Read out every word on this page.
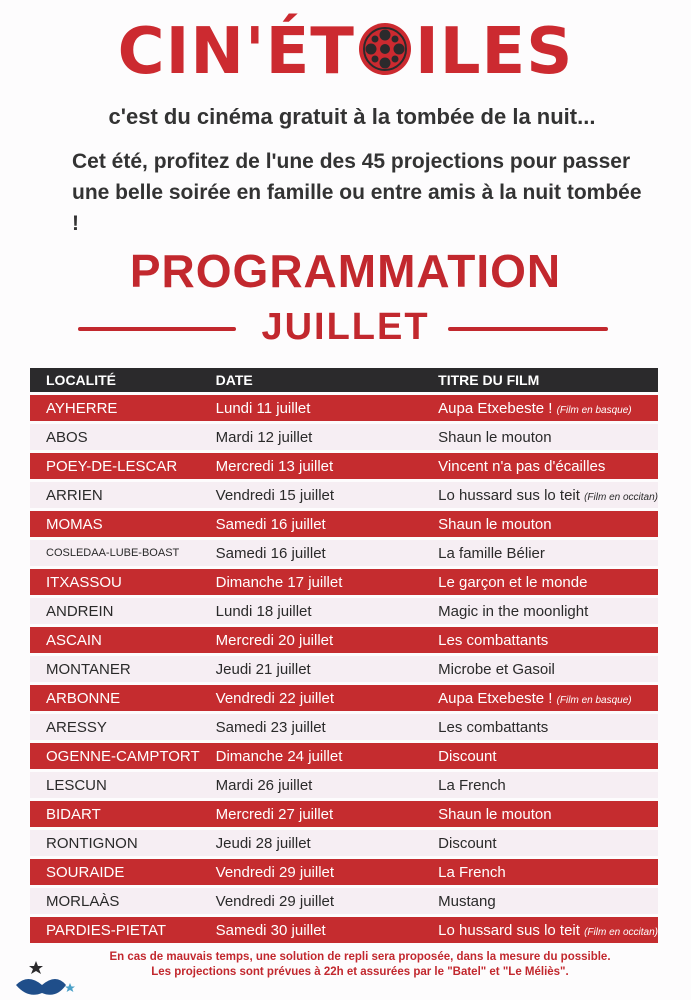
CIN'ÉT ILES
c'est du cinéma gratuit à la tombée de la nuit...
Cet été, profitez de l'une des 45 projections pour passer une belle soirée en famille ou entre amis à la nuit tombée !
PROGRAMMATION
JUILLET
LOCALITÉ	DATE	TITRE DU FILM
AYHERRE	Lundi 11 juillet	Aupa Etxebeste ! (Film en basque)
ABOS	Mardi 12 juillet	Shaun le mouton
POEY-DE-LESCAR	Mercredi 13 juillet	Vincent n'a pas d'écailles
ARRIEN	Vendredi 15 juillet	Lo hussard sus lo teit (Film en occitan)
MOMAS	Samedi 16 juillet	Shaun le mouton
COSLEDAA-LUBE-BOAST	Samedi 16 juillet	La famille Bélier
ITXASSOU	Dimanche 17 juillet	Le garçon et le monde
ANDREIN	Lundi 18 juillet	Magic in the moonlight
ASCAIN	Mercredi 20 juillet	Les combattants
MONTANER	Jeudi 21 juillet	Microbe et Gasoil
ARBONNE	Vendredi 22 juillet	Aupa Etxebeste ! (Film en basque)
ARESSY	Samedi 23 juillet	Les combattants
OGENNE-CAMPTORT	Dimanche 24 juillet	Discount
LESCUN	Mardi 26 juillet	La French
BIDART	Mercredi 27 juillet	Shaun le mouton
RONTIGNON	Jeudi 28 juillet	Discount
SOURAIDE	Vendredi 29 juillet	La French
MORLAÀS	Vendredi 29 juillet	Mustang
PARDIES-PIETAT	Samedi 30 juillet	Lo hussard sus lo teit (Film en occitan)
En cas de mauvais temps, une solution de repli sera proposée, dans la mesure du possible.
Les projections sont prévues à 22h et assurées par le "Batel" et "Le Méliès".
